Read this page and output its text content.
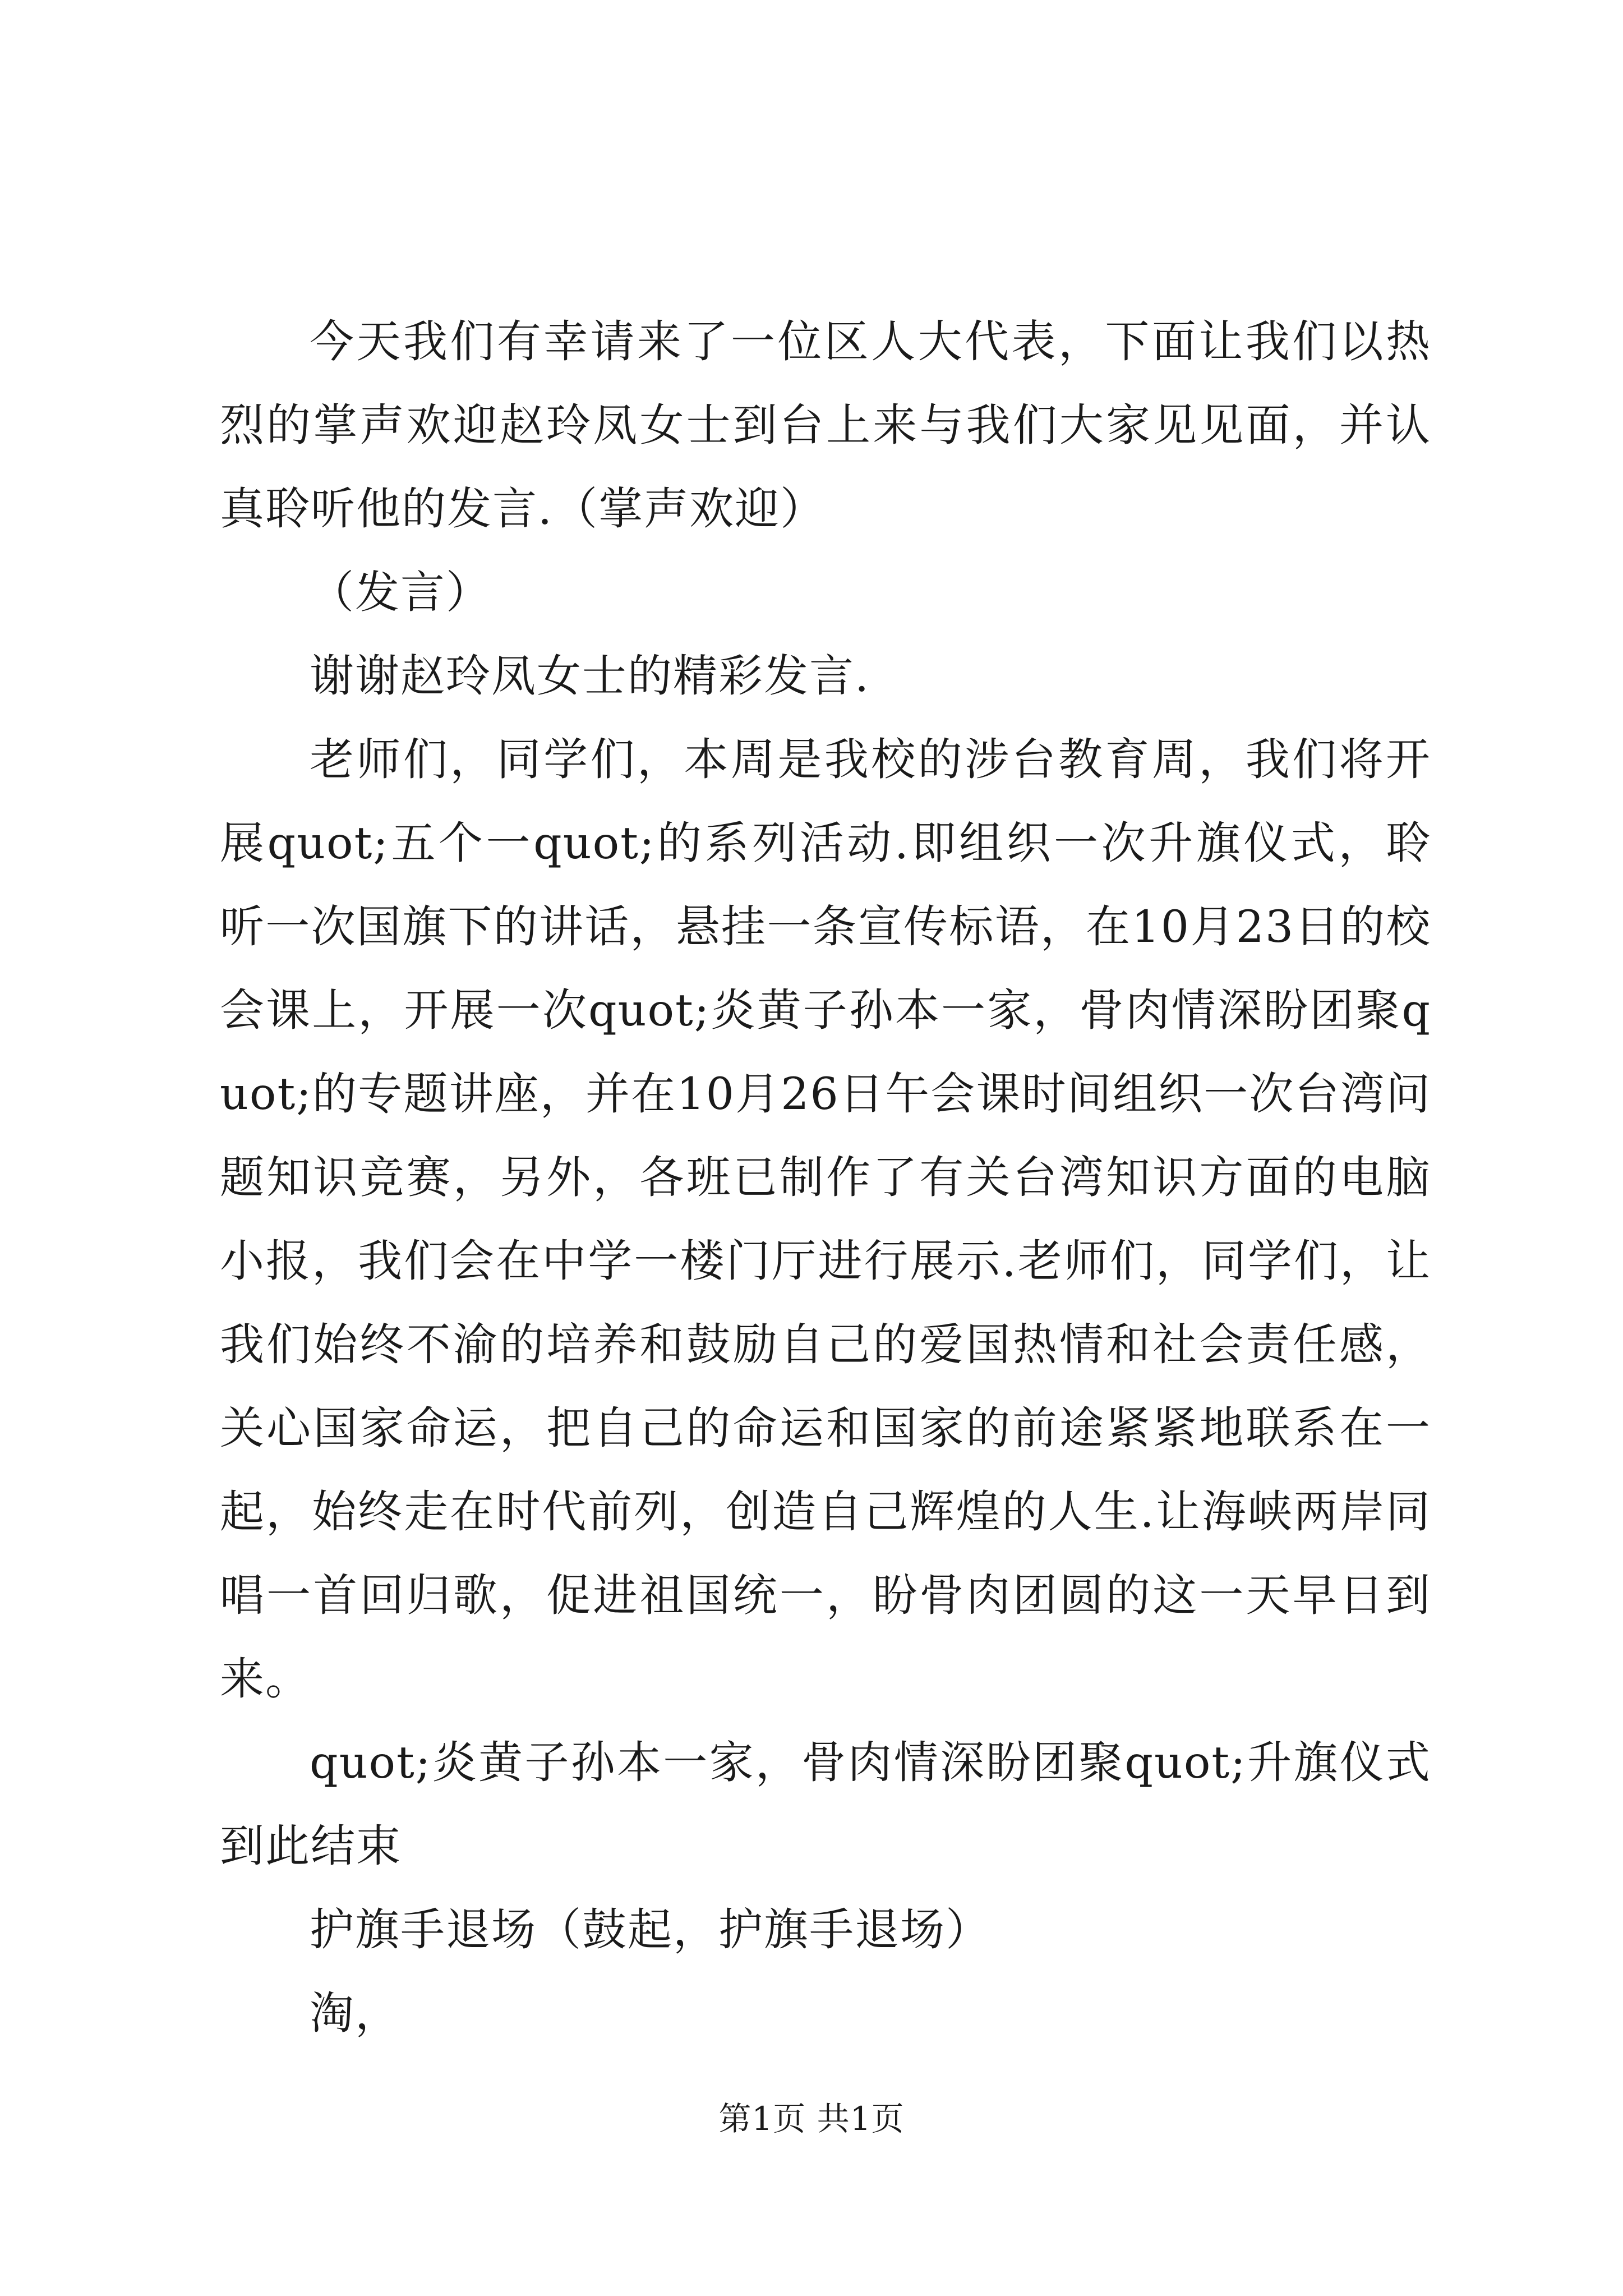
今天我们有幸请来了一位区人大代表，下面让我们以热烈的掌声欢迎赵玲凤女士到台上来与我们大家见见面，并认真聆听他的发言.（掌声欢迎）

（发言）

谢谢赵玲凤女士的精彩发言.

老师们，同学们，本周是我校的涉台教育周，我们将开展quot;五个一quot;的系列活动.即组织一次升旗仪式，聆听一次国旗下的讲话，悬挂一条宣传标语，在10月23日的校会课上，开展一次quot;炎黄子孙本一家，骨肉情深盼团聚quot;的专题讲座，并在10月26日午会课时间组织一次台湾问题知识竞赛，另外，各班已制作了有关台湾知识方面的电脑小报，我们会在中学一楼门厅进行展示.老师们，同学们，让我们始终不渝的培养和鼓励自己的爱国热情和社会责任感，关心国家命运，把自己的命运和国家的前途紧紧地联系在一起，始终走在时代前列，创造自己辉煌的人生.让海峡两岸同唱一首回归歌，促进祖国统一，盼骨肉团圆的这一天早日到来。

quot;炎黄子孙本一家，骨肉情深盼团聚quot;升旗仪式到此结束

护旗手退场（鼓起，护旗手退场）

淘，

第1页 共1页
